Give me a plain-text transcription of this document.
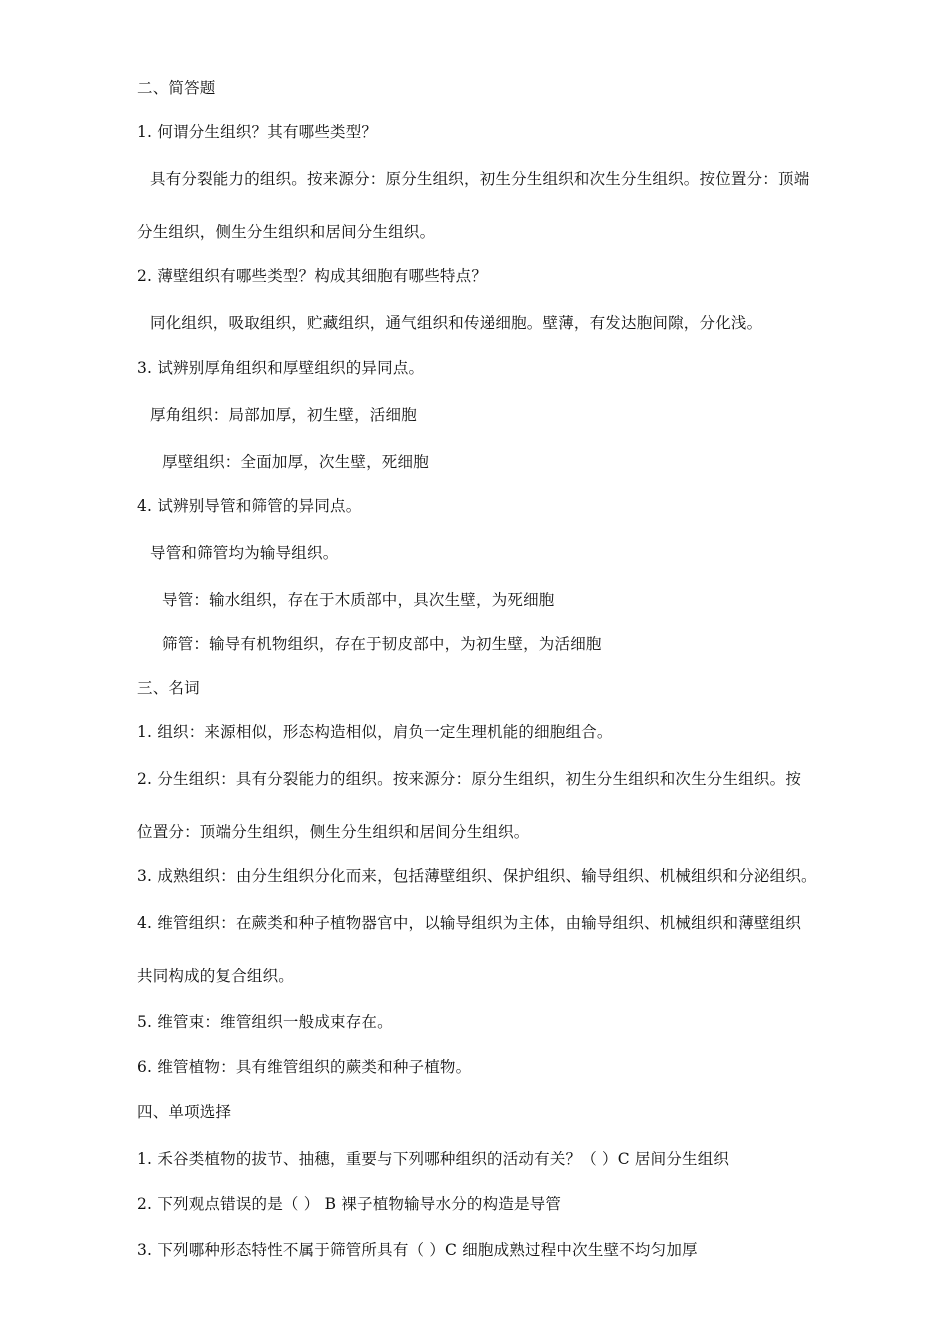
二、简答题
1. 何谓分生组织？其有哪些类型？
具有分裂能力的组织。按来源分：原分生组织，初生分生组织和次生分生组织。按位置分：顶端
分生组织，侧生分生组织和居间分生组织。
2. 薄壁组织有哪些类型？构成其细胞有哪些特点？
同化组织，吸取组织，贮藏组织，通气组织和传递细胞。壁薄，有发达胞间隙，分化浅。
3. 试辨别厚角组织和厚壁组织的异同点。
厚角组织：局部加厚，初生壁，活细胞
厚壁组织：全面加厚，次生壁，死细胞
4. 试辨别导管和筛管的异同点。
导管和筛管均为输导组织。
导管：输水组织，存在于木质部中，具次生壁，为死细胞
筛管：输导有机物组织，存在于韧皮部中，为初生壁，为活细胞
三、名词
1. 组织：来源相似，形态构造相似，肩负一定生理机能的细胞组合。
2. 分生组织：具有分裂能力的组织。按来源分：原分生组织，初生分生组织和次生分生组织。按
位置分：顶端分生组织，侧生分生组织和居间分生组织。
3. 成熟组织：由分生组织分化而来，包括薄壁组织、保护组织、输导组织、机械组织和分泌组织。
4. 维管组织：在蕨类和种子植物器官中，以输导组织为主体，由输导组织、机械组织和薄壁组织
共同构成的复合组织。
5. 维管束：维管组织一般成束存在。
6. 维管植物：具有维管组织的蕨类和种子植物。
四、单项选择
1. 禾谷类植物的拔节、抽穗，重要与下列哪种组织的活动有关？（ ）C 居间分生组织
2. 下列观点错误的是（ ） B 裸子植物输导水分的构造是导管
3. 下列哪种形态特性不属于筛管所具有（ ）C 细胞成熟过程中次生壁不均匀加厚
